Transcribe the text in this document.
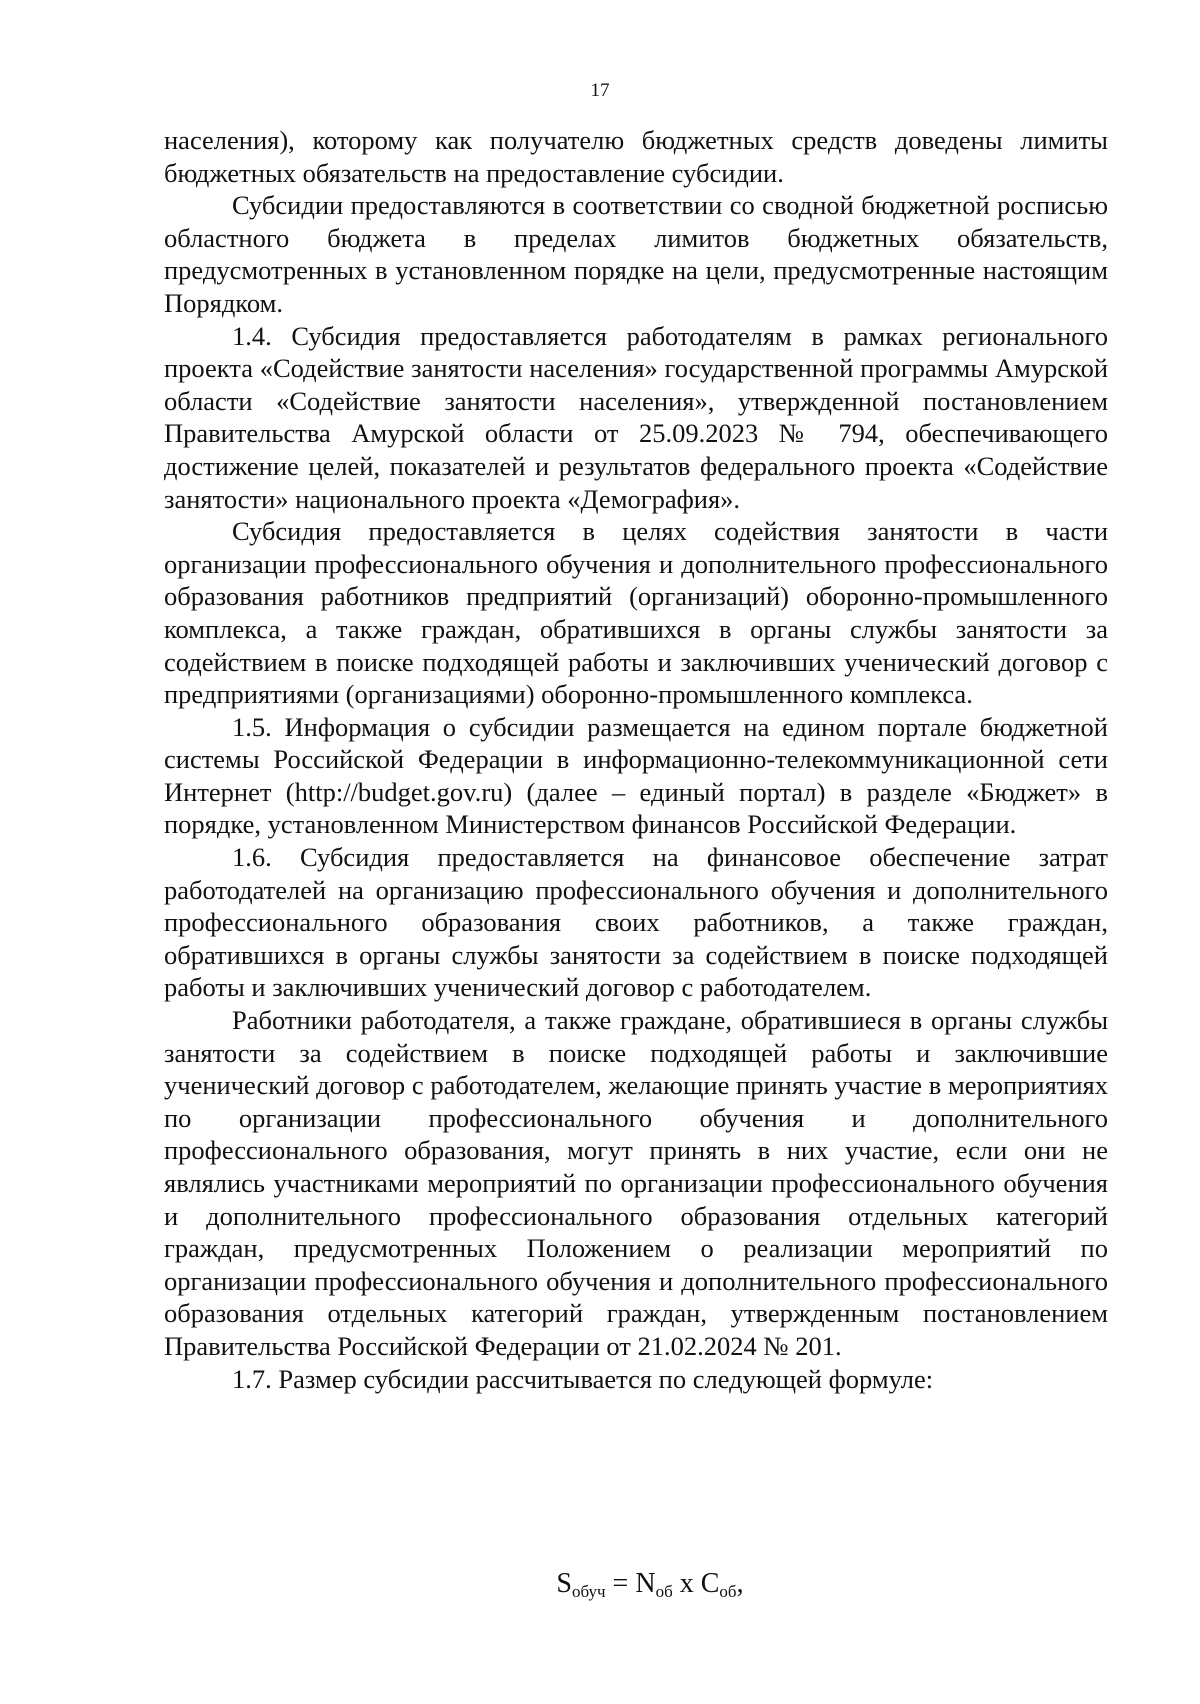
17

населения), которому как получателю бюджетных средств доведены лимиты бюджетных обязательств на предоставление субсидии.

Субсидии предоставляются в соответствии со сводной бюджетной росписью областного бюджета в пределах лимитов бюджетных обязательств, предусмотренных в установленном порядке на цели, предусмотренные настоящим Порядком.

1.4. Субсидия предоставляется работодателям в рамках регионального проекта «Содействие занятости населения» государственной программы Амурской области «Содействие занятости населения», утвержденной постановлением Правительства Амурской области от 25.09.2023 № 794, обеспечивающего достижение целей, показателей и результатов федерального проекта «Содействие занятости» национального проекта «Демография».

Субсидия предоставляется в целях содействия занятости в части организации профессионального обучения и дополнительного профессионального образования работников предприятий (организаций) оборонно-промышленного комплекса, а также граждан, обратившихся в органы службы занятости за содействием в поиске подходящей работы и заключивших ученический договор с предприятиями (организациями) оборонно-промышленного комплекса.

1.5. Информация о субсидии размещается на едином портале бюджетной системы Российской Федерации в информационно-телекоммуникационной сети Интернет (http://budget.gov.ru) (далее – единый портал) в разделе «Бюджет» в порядке, установленном Министерством финансов Российской Федерации.

1.6. Субсидия предоставляется на финансовое обеспечение затрат работодателей на организацию профессионального обучения и дополнительного профессионального образования своих работников, а также граждан, обратившихся в органы службы занятости за содействием в поиске подходящей работы и заключивших ученический договор с работодателем.

Работники работодателя, а также граждане, обратившиеся в органы службы занятости за содействием в поиске подходящей работы и заключившие ученический договор с работодателем, желающие принять участие в мероприятиях по организации профессионального обучения и дополнительного профессионального образования, могут принять в них участие, если они не являлись участниками мероприятий по организации профессионального обучения и дополнительного профессионального образования отдельных категорий граждан, предусмотренных Положением о реализации мероприятий по организации профессионального обучения и дополнительного профессионального образования отдельных категорий граждан, утвержденным постановлением Правительства Российской Федерации от 21.02.2024 № 201.

1.7. Размер субсидии рассчитывается по следующей формуле:

$S_{обуч} = N_{об}$ x $C_{об}$,
